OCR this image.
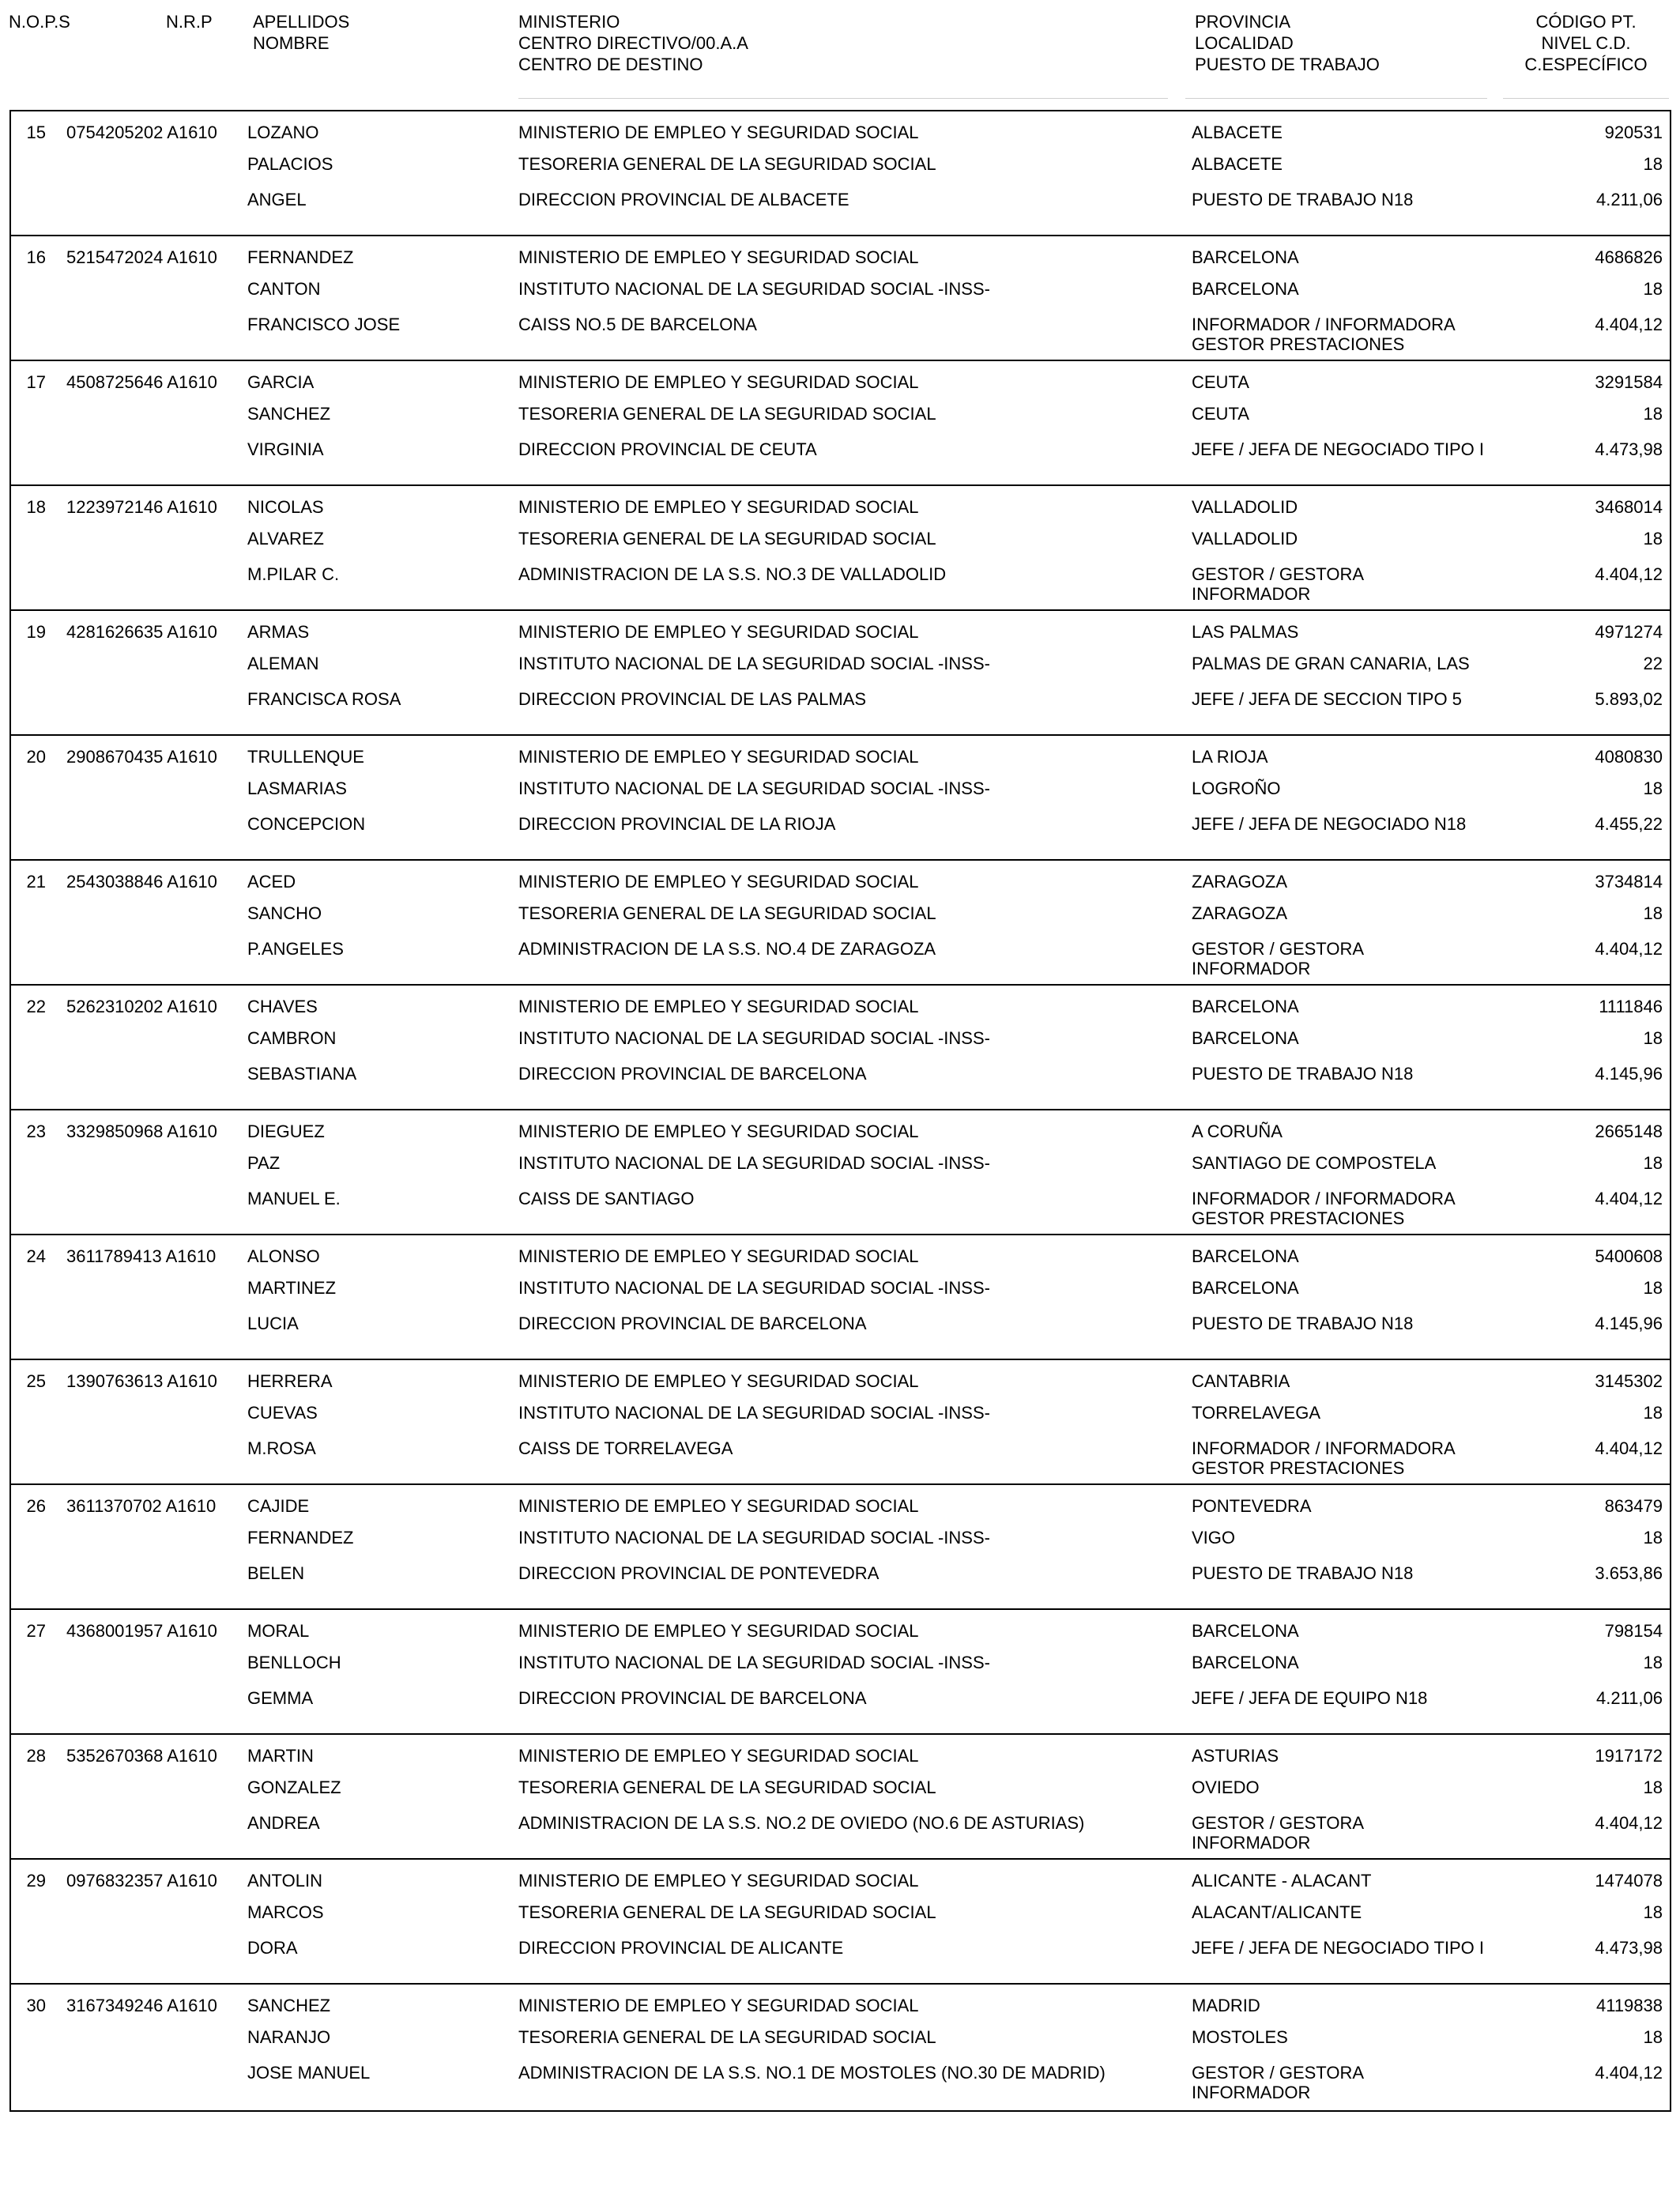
N.O.P.S	N.R.P APELLIDOS
NOMBRE
MINISTERIO
CENTRO DIRECTIVO/00.A.A
CENTRO DE DESTINO
PROVINCIA
LOCALIDAD
PUESTO DE TRABAJO
CÓDIGO PT.
NIVEL C.D.
C.ESPECÍFICO
15 0754205202 A1610 LOZANO
PALACIOS
ANGEL
MINISTERIO DE EMPLEO Y SEGURIDAD SOCIAL
TESORERIA GENERAL DE LA SEGURIDAD SOCIAL
DIRECCION PROVINCIAL DE ALBACETE
ALBACETE
ALBACETE
PUESTO DE TRABAJO N18
920531
18
4.211,06
16 5215472024 A1610 FERNANDEZ
CANTON
FRANCISCO JOSE
MINISTERIO DE EMPLEO Y SEGURIDAD SOCIAL
INSTITUTO NACIONAL DE LA SEGURIDAD SOCIAL -INSS-
CAISS NO.5 DE BARCELONA
BARCELONA
BARCELONA
INFORMADOR / INFORMADORA
GESTOR PRESTACIONES
4686826
18
4.404,12
17 4508725646 A1610 GARCIA
SANCHEZ
VIRGINIA
MINISTERIO DE EMPLEO Y SEGURIDAD SOCIAL
TESORERIA GENERAL DE LA SEGURIDAD SOCIAL
DIRECCION PROVINCIAL DE CEUTA
CEUTA
CEUTA
JEFE / JEFA DE NEGOCIADO TIPO I
3291584
18
4.473,98
18 1223972146 A1610 NICOLAS
ALVAREZ
M.PILAR C.
MINISTERIO DE EMPLEO Y SEGURIDAD SOCIAL
TESORERIA GENERAL DE LA SEGURIDAD SOCIAL
ADMINISTRACION DE LA S.S. NO.3 DE VALLADOLID
VALLADOLID
VALLADOLID
GESTOR / GESTORA
INFORMADOR
3468014
18
4.404,12
19 4281626635 A1610 ARMAS
ALEMAN
FRANCISCA ROSA
MINISTERIO DE EMPLEO Y SEGURIDAD SOCIAL
INSTITUTO NACIONAL DE LA SEGURIDAD SOCIAL -INSS-
DIRECCION PROVINCIAL DE LAS PALMAS
LAS PALMAS
PALMAS DE GRAN CANARIA, LAS
JEFE / JEFA DE SECCION TIPO 5
4971274
22
5.893,02
20 2908670435 A1610 TRULLENQUE
LASMARIAS
CONCEPCION
MINISTERIO DE EMPLEO Y SEGURIDAD SOCIAL
INSTITUTO NACIONAL DE LA SEGURIDAD SOCIAL -INSS-
DIRECCION PROVINCIAL DE LA RIOJA
LA RIOJA
LOGROÑO
JEFE / JEFA DE NEGOCIADO N18
4080830
18
4.455,22
21 2543038846 A1610 ACED
SANCHO
P.ANGELES
MINISTERIO DE EMPLEO Y SEGURIDAD SOCIAL
TESORERIA GENERAL DE LA SEGURIDAD SOCIAL
ADMINISTRACION DE LA S.S. NO.4 DE ZARAGOZA
ZARAGOZA
ZARAGOZA
GESTOR / GESTORA
INFORMADOR
3734814
18
4.404,12
22 5262310202 A1610 CHAVES
CAMBRON
SEBASTIANA
MINISTERIO DE EMPLEO Y SEGURIDAD SOCIAL
INSTITUTO NACIONAL DE LA SEGURIDAD SOCIAL -INSS-
DIRECCION PROVINCIAL DE BARCELONA
BARCELONA
BARCELONA
PUESTO DE TRABAJO N18
1111846
18
4.145,96
23 3329850968 A1610 DIEGUEZ
PAZ
MANUEL E.
MINISTERIO DE EMPLEO Y SEGURIDAD SOCIAL
INSTITUTO NACIONAL DE LA SEGURIDAD SOCIAL -INSS-
CAISS DE SANTIAGO
A CORUÑA
SANTIAGO DE COMPOSTELA
INFORMADOR / INFORMADORA
GESTOR PRESTACIONES
2665148
18
4.404,12
24 3611789413 A1610 ALONSO
MARTINEZ
LUCIA
MINISTERIO DE EMPLEO Y SEGURIDAD SOCIAL
INSTITUTO NACIONAL DE LA SEGURIDAD SOCIAL -INSS-
DIRECCION PROVINCIAL DE BARCELONA
BARCELONA
BARCELONA
PUESTO DE TRABAJO N18
5400608
18
4.145,96
25 1390763613 A1610 HERRERA
CUEVAS
M.ROSA
MINISTERIO DE EMPLEO Y SEGURIDAD SOCIAL
INSTITUTO NACIONAL DE LA SEGURIDAD SOCIAL -INSS-
CAISS DE TORRELAVEGA
CANTABRIA
TORRELAVEGA
INFORMADOR / INFORMADORA
GESTOR PRESTACIONES
3145302
18
4.404,12
26 3611370702 A1610 CAJIDE
FERNANDEZ
BELEN
MINISTERIO DE EMPLEO Y SEGURIDAD SOCIAL
INSTITUTO NACIONAL DE LA SEGURIDAD SOCIAL -INSS-
DIRECCION PROVINCIAL DE PONTEVEDRA
PONTEVEDRA
VIGO
PUESTO DE TRABAJO N18
863479
18
3.653,86
27 4368001957 A1610 MORAL
BENLLOCH
GEMMA
MINISTERIO DE EMPLEO Y SEGURIDAD SOCIAL
INSTITUTO NACIONAL DE LA SEGURIDAD SOCIAL -INSS-
DIRECCION PROVINCIAL DE BARCELONA
BARCELONA
BARCELONA
JEFE / JEFA DE EQUIPO N18
798154
18
4.211,06
28 5352670368 A1610 MARTIN
GONZALEZ
ANDREA
MINISTERIO DE EMPLEO Y SEGURIDAD SOCIAL
TESORERIA GENERAL DE LA SEGURIDAD SOCIAL
ADMINISTRACION DE LA S.S. NO.2 DE OVIEDO (NO.6 DE ASTURIAS)
ASTURIAS
OVIEDO
GESTOR / GESTORA
INFORMADOR
1917172
18
4.404,12
29 0976832357 A1610 ANTOLIN
MARCOS
DORA
MINISTERIO DE EMPLEO Y SEGURIDAD SOCIAL
TESORERIA GENERAL DE LA SEGURIDAD SOCIAL
DIRECCION PROVINCIAL DE ALICANTE
ALICANTE - ALACANT
ALACANT/ALICANTE
JEFE / JEFA DE NEGOCIADO TIPO I
1474078
18
4.473,98
30 3167349246 A1610 SANCHEZ
NARANJO
JOSE MANUEL
MINISTERIO DE EMPLEO Y SEGURIDAD SOCIAL
TESORERIA GENERAL DE LA SEGURIDAD SOCIAL
ADMINISTRACION DE LA S.S. NO.1 DE MOSTOLES (NO.30 DE MADRID)
MADRID
MOSTOLES
GESTOR / GESTORA
INFORMADOR
4119838
18
4.404,12
